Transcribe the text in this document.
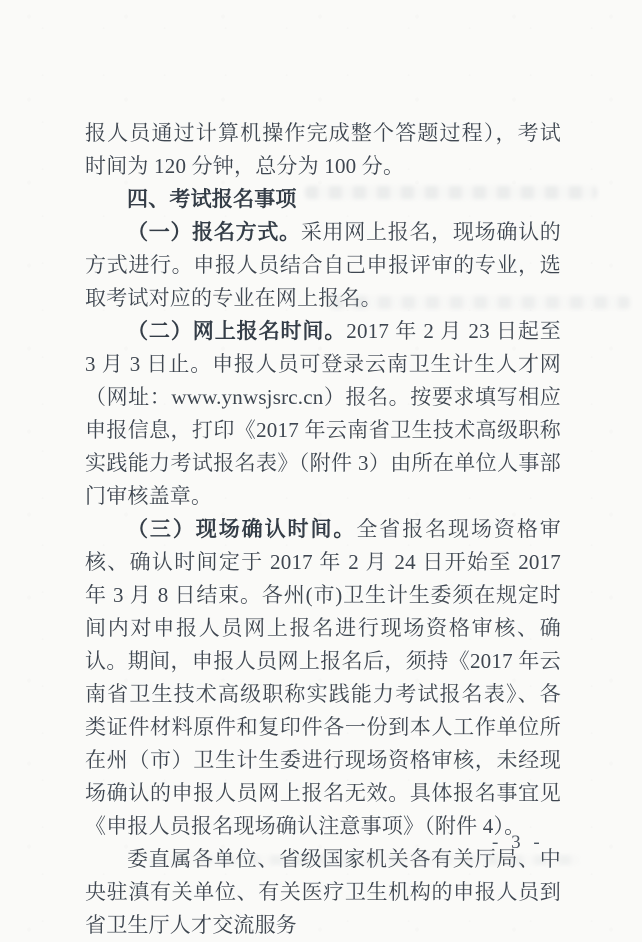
报人员通过计算机操作完成整个答题过程），考试时间为 120 分钟，总分为 100 分。

四、考试报名事项

（一）报名方式。采用网上报名，现场确认的方式进行。申报人员结合自己申报评审的专业，选取考试对应的专业在网上报名。

（二）网上报名时间。2017 年 2 月 23 日起至 3 月 3 日止。申报人员可登录云南卫生计生人才网（网址：www.ynwsjsrc.cn）报名。按要求填写相应申报信息，打印《2017 年云南省卫生技术高级职称实践能力考试报名表》（附件 3）由所在单位人事部门审核盖章。

（三）现场确认时间。全省报名现场资格审核、确认时间定于 2017 年 2 月 24 日开始至 2017 年 3 月 8 日结束。各州(市)卫生计生委须在规定时间内对申报人员网上报名进行现场资格审核、确认。期间，申报人员网上报名后，须持《2017 年云南省卫生技术高级职称实践能力考试报名表》、各类证件材料原件和复印件各一份到本人工作单位所在州（市）卫生计生委进行现场资格审核，未经现场确认的申报人员网上报名无效。具体报名事宜见《申报人员报名现场确认注意事项》（附件 4）。

委直属各单位、省级国家机关各有关厅局、中央驻滇有关单位、有关医疗卫生机构的申报人员到省卫生厅人才交流服务

- 3 -
